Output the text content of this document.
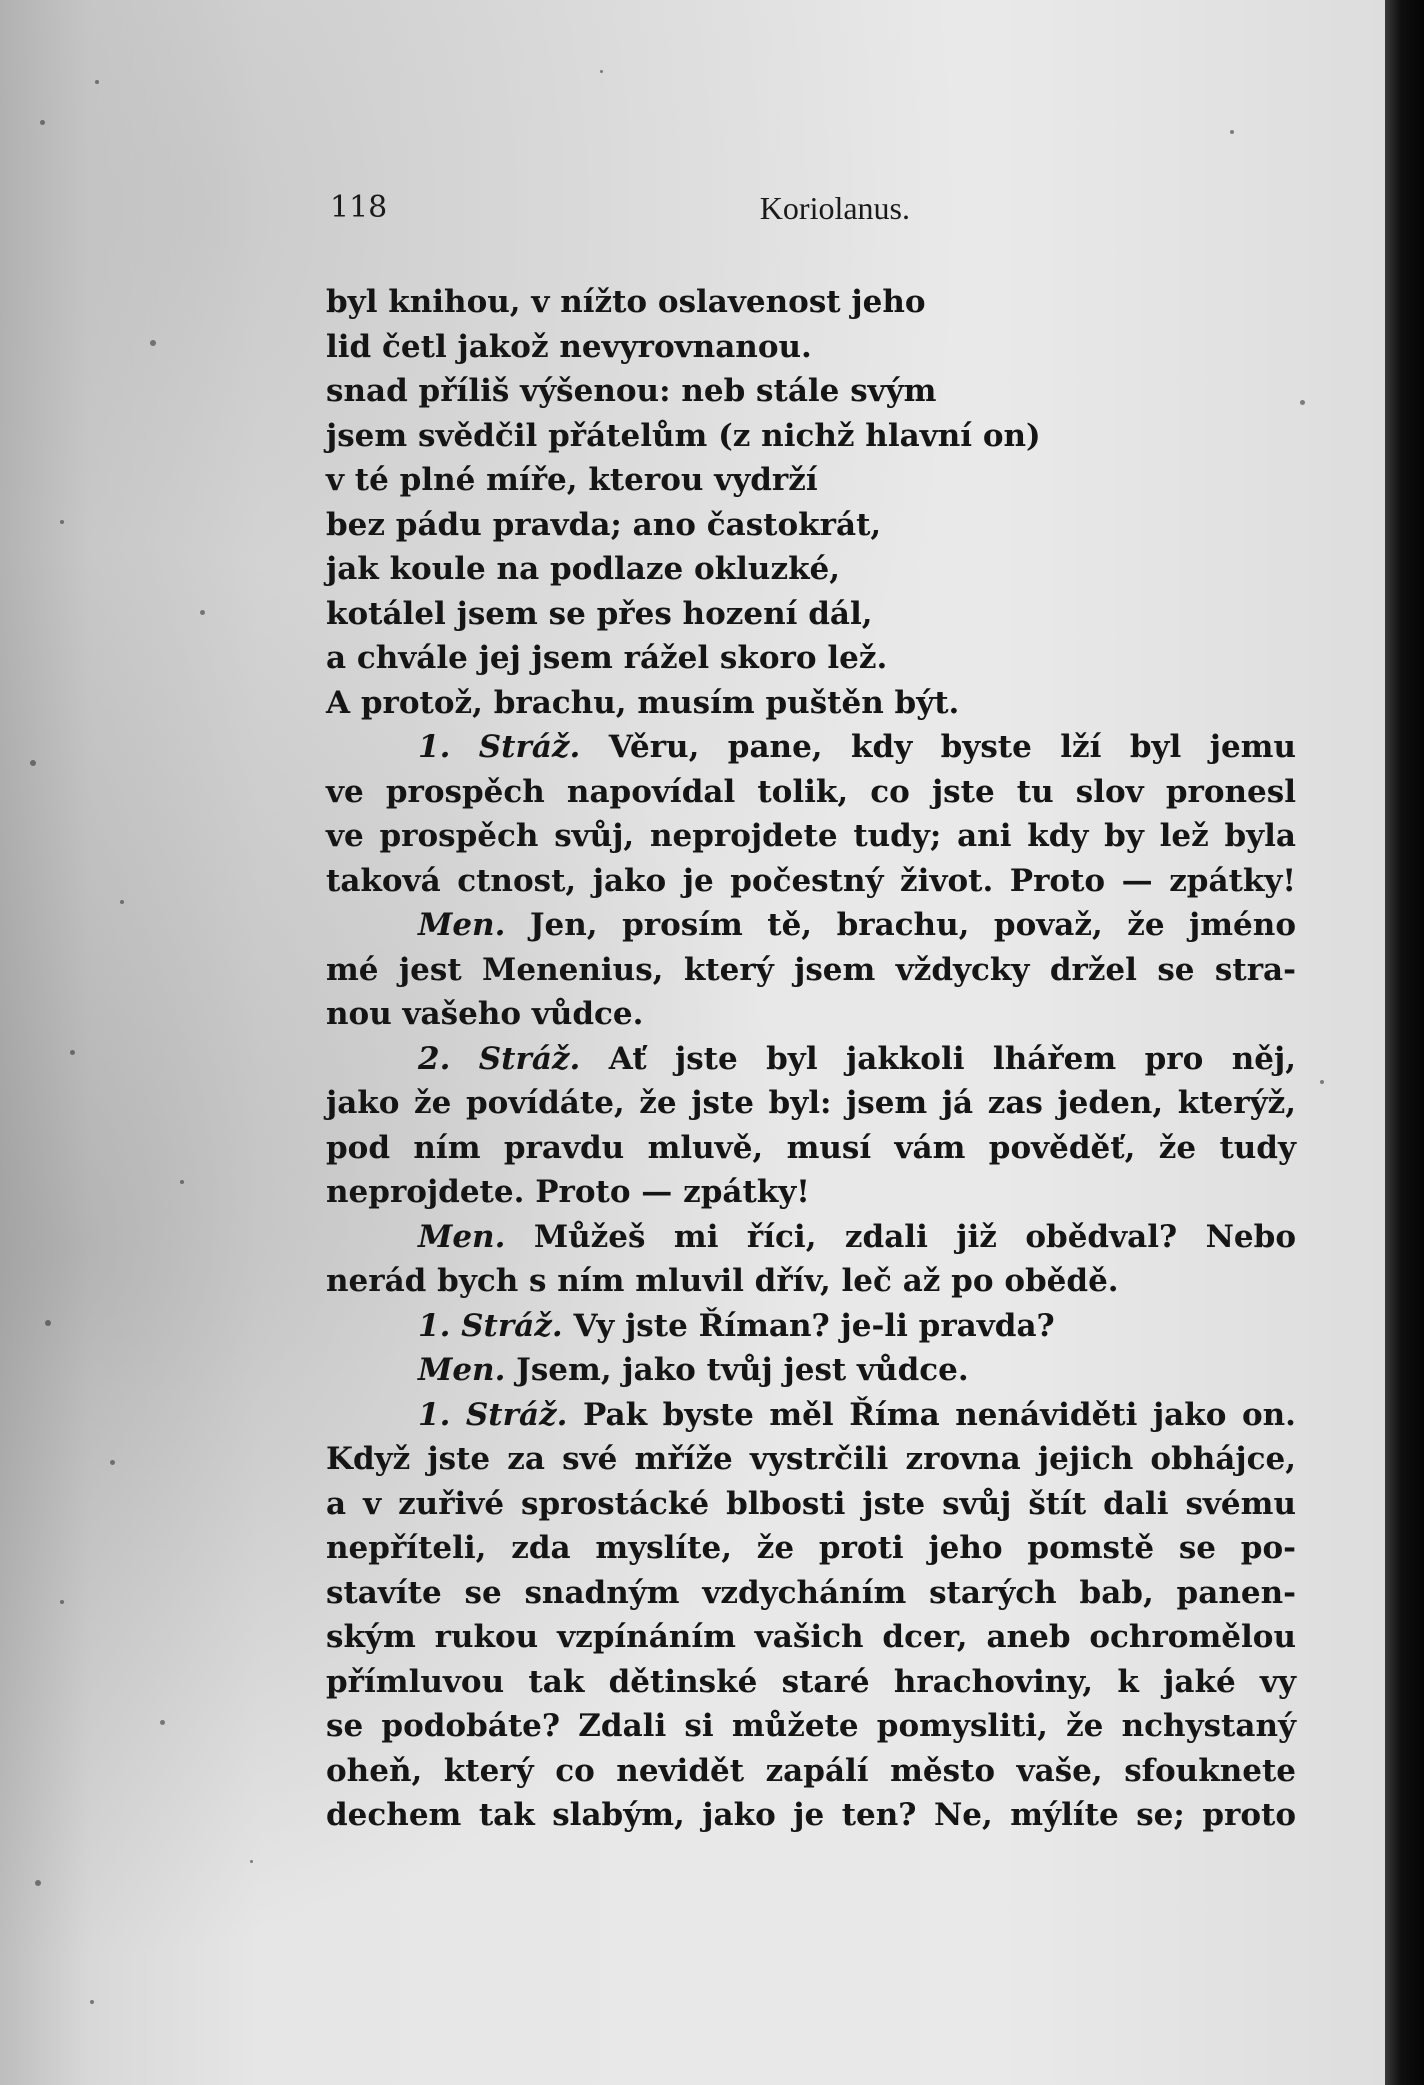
118	Koriolanus.
byl knihou, v nížto oslavenost jeho
lid četl jakož nevyrovnanou.
snad příliš výšenou: neb stále svým
jsem svědčil přátelům (z nichž hlavní on)
v té plné míře, kterou vydrží
bez pádu pravda; ano častokrát,
jak koule na podlaze okluzké,
kotálel jsem se přes hození dál,
a chvále jej jsem rážel skoro lež.
A protož, brachu, musím puštěn být.
1. Stráž. Věru, pane, kdy byste lží byl jemu
ve prospěch napovídal tolik, co jste tu slov pronesl
ve prospěch svůj, neprojdete tudy; ani kdy by lež byla
taková ctnost, jako je počestný život. Proto — zpátky!
Men. Jen, prosím tě, brachu, považ, že jméno
mé jest Menenius, který jsem vždycky držel se stra-
nou vašeho vůdce.
2. Stráž. Ať jste byl jakkoli lhářem pro něj,
jako že povídáte, že jste byl: jsem já zas jeden, kterýž,
pod ním pravdu mluvě, musí vám pověděť, že tudy
neprojdete. Proto — zpátky!
Men. Můžeš mi říci, zdali již obědval? Nebo
nerád bych s ním mluvil dřív, leč až po obědě.
1. Stráž. Vy jste Říman? je-li pravda?
Men. Jsem, jako tvůj jest vůdce.
1. Stráž. Pak byste měl Říma nenáviděti jako on.
Když jste za své mříže vystrčili zrovna jejich obhájce,
a v zuřivé sprostácké blbosti jste svůj štít dali svému
nepříteli, zda myslíte, že proti jeho pomstě se po-
stavíte se snadným vzdycháním starých bab, panen-
ským rukou vzpínáním vašich dcer, aneb ochromělou
přímluvou tak dětinské staré hrachoviny, k jaké vy
se podobáte? Zdali si můžete pomysliti, že nchystaný
oheň, který co nevidět zapálí město vaše, sfouknete
dechem tak slabým, jako je ten? Ne, mýlíte se; proto
